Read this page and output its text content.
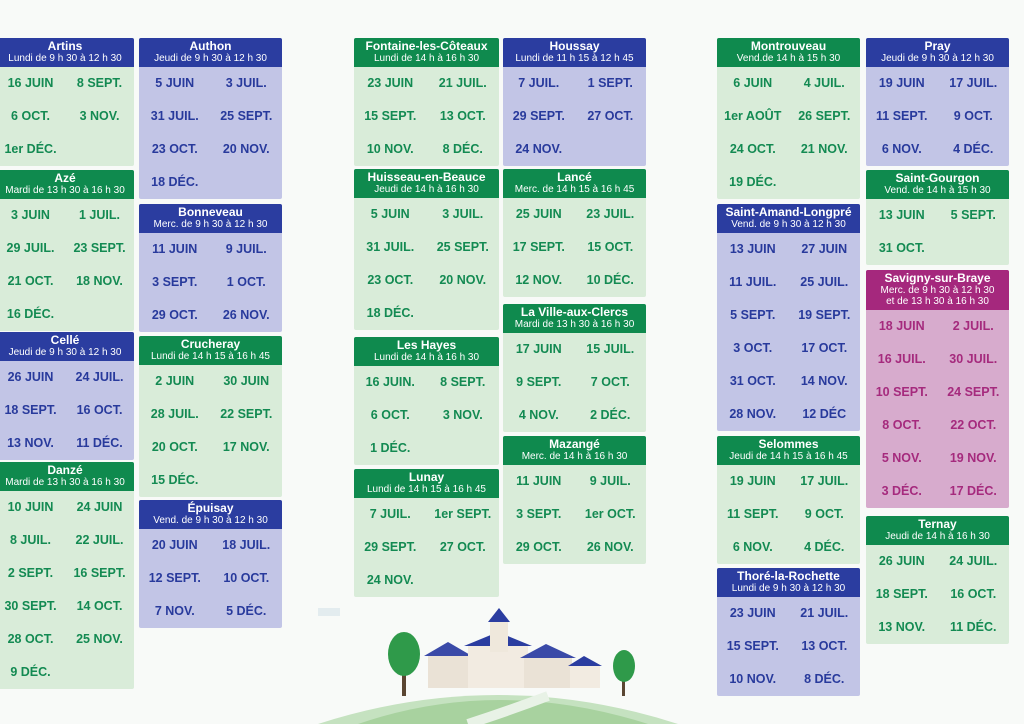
Artins
Lundi de 9 h 30 à 12 h 30
16 JUIN	8 SEPT.
6 OCT.	3 NOV.
1er DÉC.
Azé
Mardi de 13 h 30 à 16 h 30
3 JUIN	1 JUIL.
29 JUIL.	23 SEPT.
21 OCT.	18 NOV.
16 DÉC.
Cellé
Jeudi de 9 h 30 à 12 h 30
26 JUIN	24 JUIL.
18 SEPT.	16 OCT.
13 NOV.	11 DÉC.
Danzé
Mardi de 13 h 30 à 16 h 30
10 JUIN	24 JUIN
8 JUIL.	22 JUIL.
2 SEPT.	16 SEPT.
30 SEPT.	14 OCT.
28 OCT.	25 NOV.
9 DÉC.
Authon
Jeudi de 9 h 30 à 12 h 30
5 JUIN	3 JUIL.
31 JUIL.	25 SEPT.
23 OCT.	20 NOV.
18 DÉC.
Bonneveau
Merc. de 9 h 30 à 12 h 30
11 JUIN	9 JUIL.
3 SEPT.	1 OCT.
29 OCT.	26 NOV.
Crucheray
Lundi de 14 h 15 à 16 h 45
2 JUIN	30 JUIN
28 JUIL.	22 SEPT.
20 OCT.	17 NOV.
15 DÉC.
Épuisay
Vend. de 9 h 30 à 12 h 30
20 JUIN	18 JUIL.
12 SEPT.	10 OCT.
7 NOV.	5 DÉC.
Fontaine-les-Côteaux
Lundi de 14 h à 16 h 30
23 JUIN	21 JUIL.
15 SEPT.	13 OCT.
10 NOV.	8 DÉC.
Huisseau-en-Beauce
Jeudi de 14 h à 16 h 30
5 JUIN	3 JUIL.
31 JUIL.	25 SEPT.
23 OCT.	20 NOV.
18 DÉC.
Les Hayes
Lundi de 14 h à 16 h 30
16 JUIN.	8 SEPT.
6 OCT.	3 NOV.
1 DÉC.
Lunay
Lundi de 14 h 15 à 16 h 45
7 JUIL.	1er SEPT.
29 SEPT.	27 OCT.
24 NOV.
Houssay
Lundi de 11 h 15 à 12 h 45
7 JUIL.	1 SEPT.
29 SEPT.	27 OCT.
24 NOV.
Lancé
Merc. de 14 h 15 à 16 h 45
25 JUIN	23 JUIL.
17 SEPT.	15 OCT.
12 NOV.	10 DÉC.
La Ville-aux-Clercs
Mardi de 13 h 30 à 16 h 30
17 JUIN	15 JUIL.
9 SEPT.	7 OCT.
4 NOV.	2 DÉC.
Mazangé
Merc. de 14 h à 16 h 30
11 JUIN	9 JUIL.
3 SEPT.	1er OCT.
29 OCT.	26 NOV.
Montrouveau
Vend.de 14 h à 15 h 30
6 JUIN	4 JUIL.
1er AOÛT	26 SEPT.
24 OCT.	21 NOV.
19 DÉC.
Saint-Amand-Longpré
Vend. de 9 h 30 à 12 h 30
13 JUIN	27 JUIN
11 JUIL.	25 JUIL.
5 SEPT.	19 SEPT.
3 OCT.	17 OCT.
31 OCT.	14 NOV.
28 NOV.	12 DÉC
Selommes
Jeudi de 14 h 15 à 16 h 45
19 JUIN	17 JUIL.
11 SEPT.	9 OCT.
6 NOV.	4 DÉC.
Thoré-la-Rochette
Lundi de 9 h 30 à 12 h 30
23 JUIN	21 JUIL.
15 SEPT.	13 OCT.
10 NOV.	8 DÉC.
Pray
Jeudi de 9 h 30 à 12 h 30
19 JUIN	17 JUIL.
11 SEPT.	9 OCT.
6 NOV.	4 DÉC.
Saint-Gourgon
Vend. de 14 h à 15 h 30
13 JUIN	5 SEPT.
31 OCT.
Savigny-sur-Braye
Merc. de 9 h 30 à 12 h 30
et de 13 h 30 à 16 h 30
18 JUIN	2 JUIL.
16 JUIL.	30 JUIL.
10 SEPT.	24 SEPT.
8 OCT.	22 OCT.
5 NOV.	19 NOV.
3 DÉC.	17 DÉC.
Ternay
Jeudi de 14 h à 16 h 30
26 JUIN	24 JUIL.
18 SEPT.	16 OCT.
13 NOV.	11 DÉC.
